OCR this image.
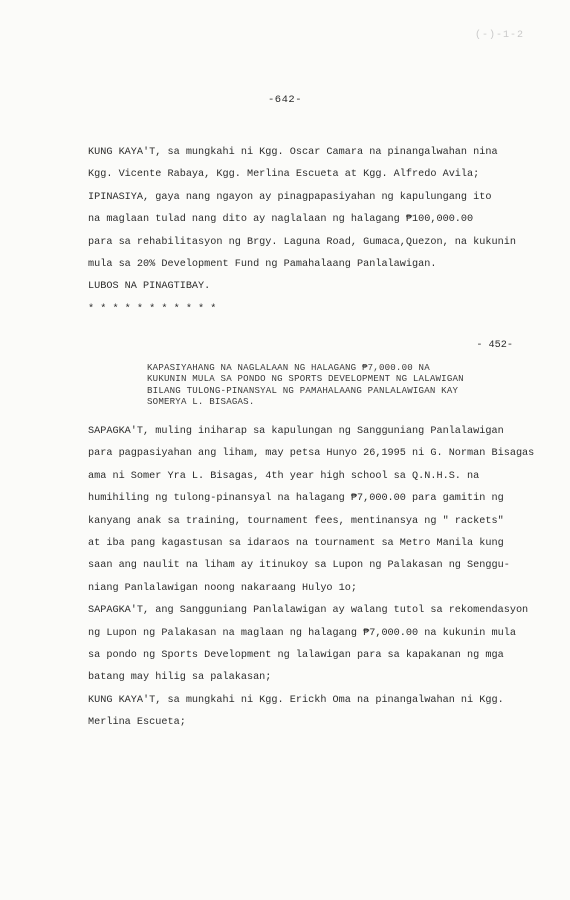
(-)-1-2
-642-
KUNG KAYA'T, sa mungkahi ni Kgg. Oscar Camara na pinangalwahan nina
Kgg. Vicente Rabaya, Kgg. Merlina Escueta at Kgg. Alfredo Avila;
IPINASIYA, gaya nang ngayon ay pinagpapasiyahan ng kapulungang ito
na maglaan tulad nang dito ay naglalaan ng halagang ₱100,000.00
para sa rehabilitasyon ng Brgy. Laguna Road, Gumaca,Quezon, na kukunin
mula sa 20% Development Fund ng Pamahalaang Panlalawigan.
LUBOS NA PINAGTIBAY.
* * * * * * * * * * *
- 452-
KAPASIYAHANG NA NAGLALAAN NG HALAGANG ₱7,000.00 NA
KUKUNIN MULA SA PONDO NG SPORTS DEVELOPMENT NG LALAWIGAN
BILANG TULONG-PINANSYAL NG PAMAHALAANG PANLALAWIGAN KAY
SOMERYA L. BISAGAS.
SAPAGKA'T, muling iniharap sa kapulungan ng Sangguniang Panlalawigan
para pagpasiyahan ang liham, may petsa Hunyo 26,1995 ni G. Norman Bisagas
ama ni Somer Yra L. Bisagas, 4th year high school sa Q.N.H.S. na
humihiling ng tulong-pinansyal na halagang ₱7,000.00 para gamitin ng
kanyang anak sa training, tournament fees, mentinansya ng " rackets"
at iba pang kagastusan sa idaraos na tournament sa Metro Manila kung
saan ang naulit na liham ay itinukoy sa Lupon ng Palakasan ng Senggu-
niang Panlalawigan noong nakaraang Hulyo 1o;
SAPAGKA'T, ang Sangguniang Panlalawigan ay walang tutol sa rekomendasyon
ng Lupon ng Palakasan na maglaan ng halagang ₱7,000.00 na kukunin mula
sa pondo ng Sports Development ng lalawigan para sa kapakanan ng mga
batang may hilig sa palakasan;
KUNG KAYA'T, sa mungkahi ni Kgg. Erickh Oma na pinangalwahan ni Kgg.
Merlina Escueta;
